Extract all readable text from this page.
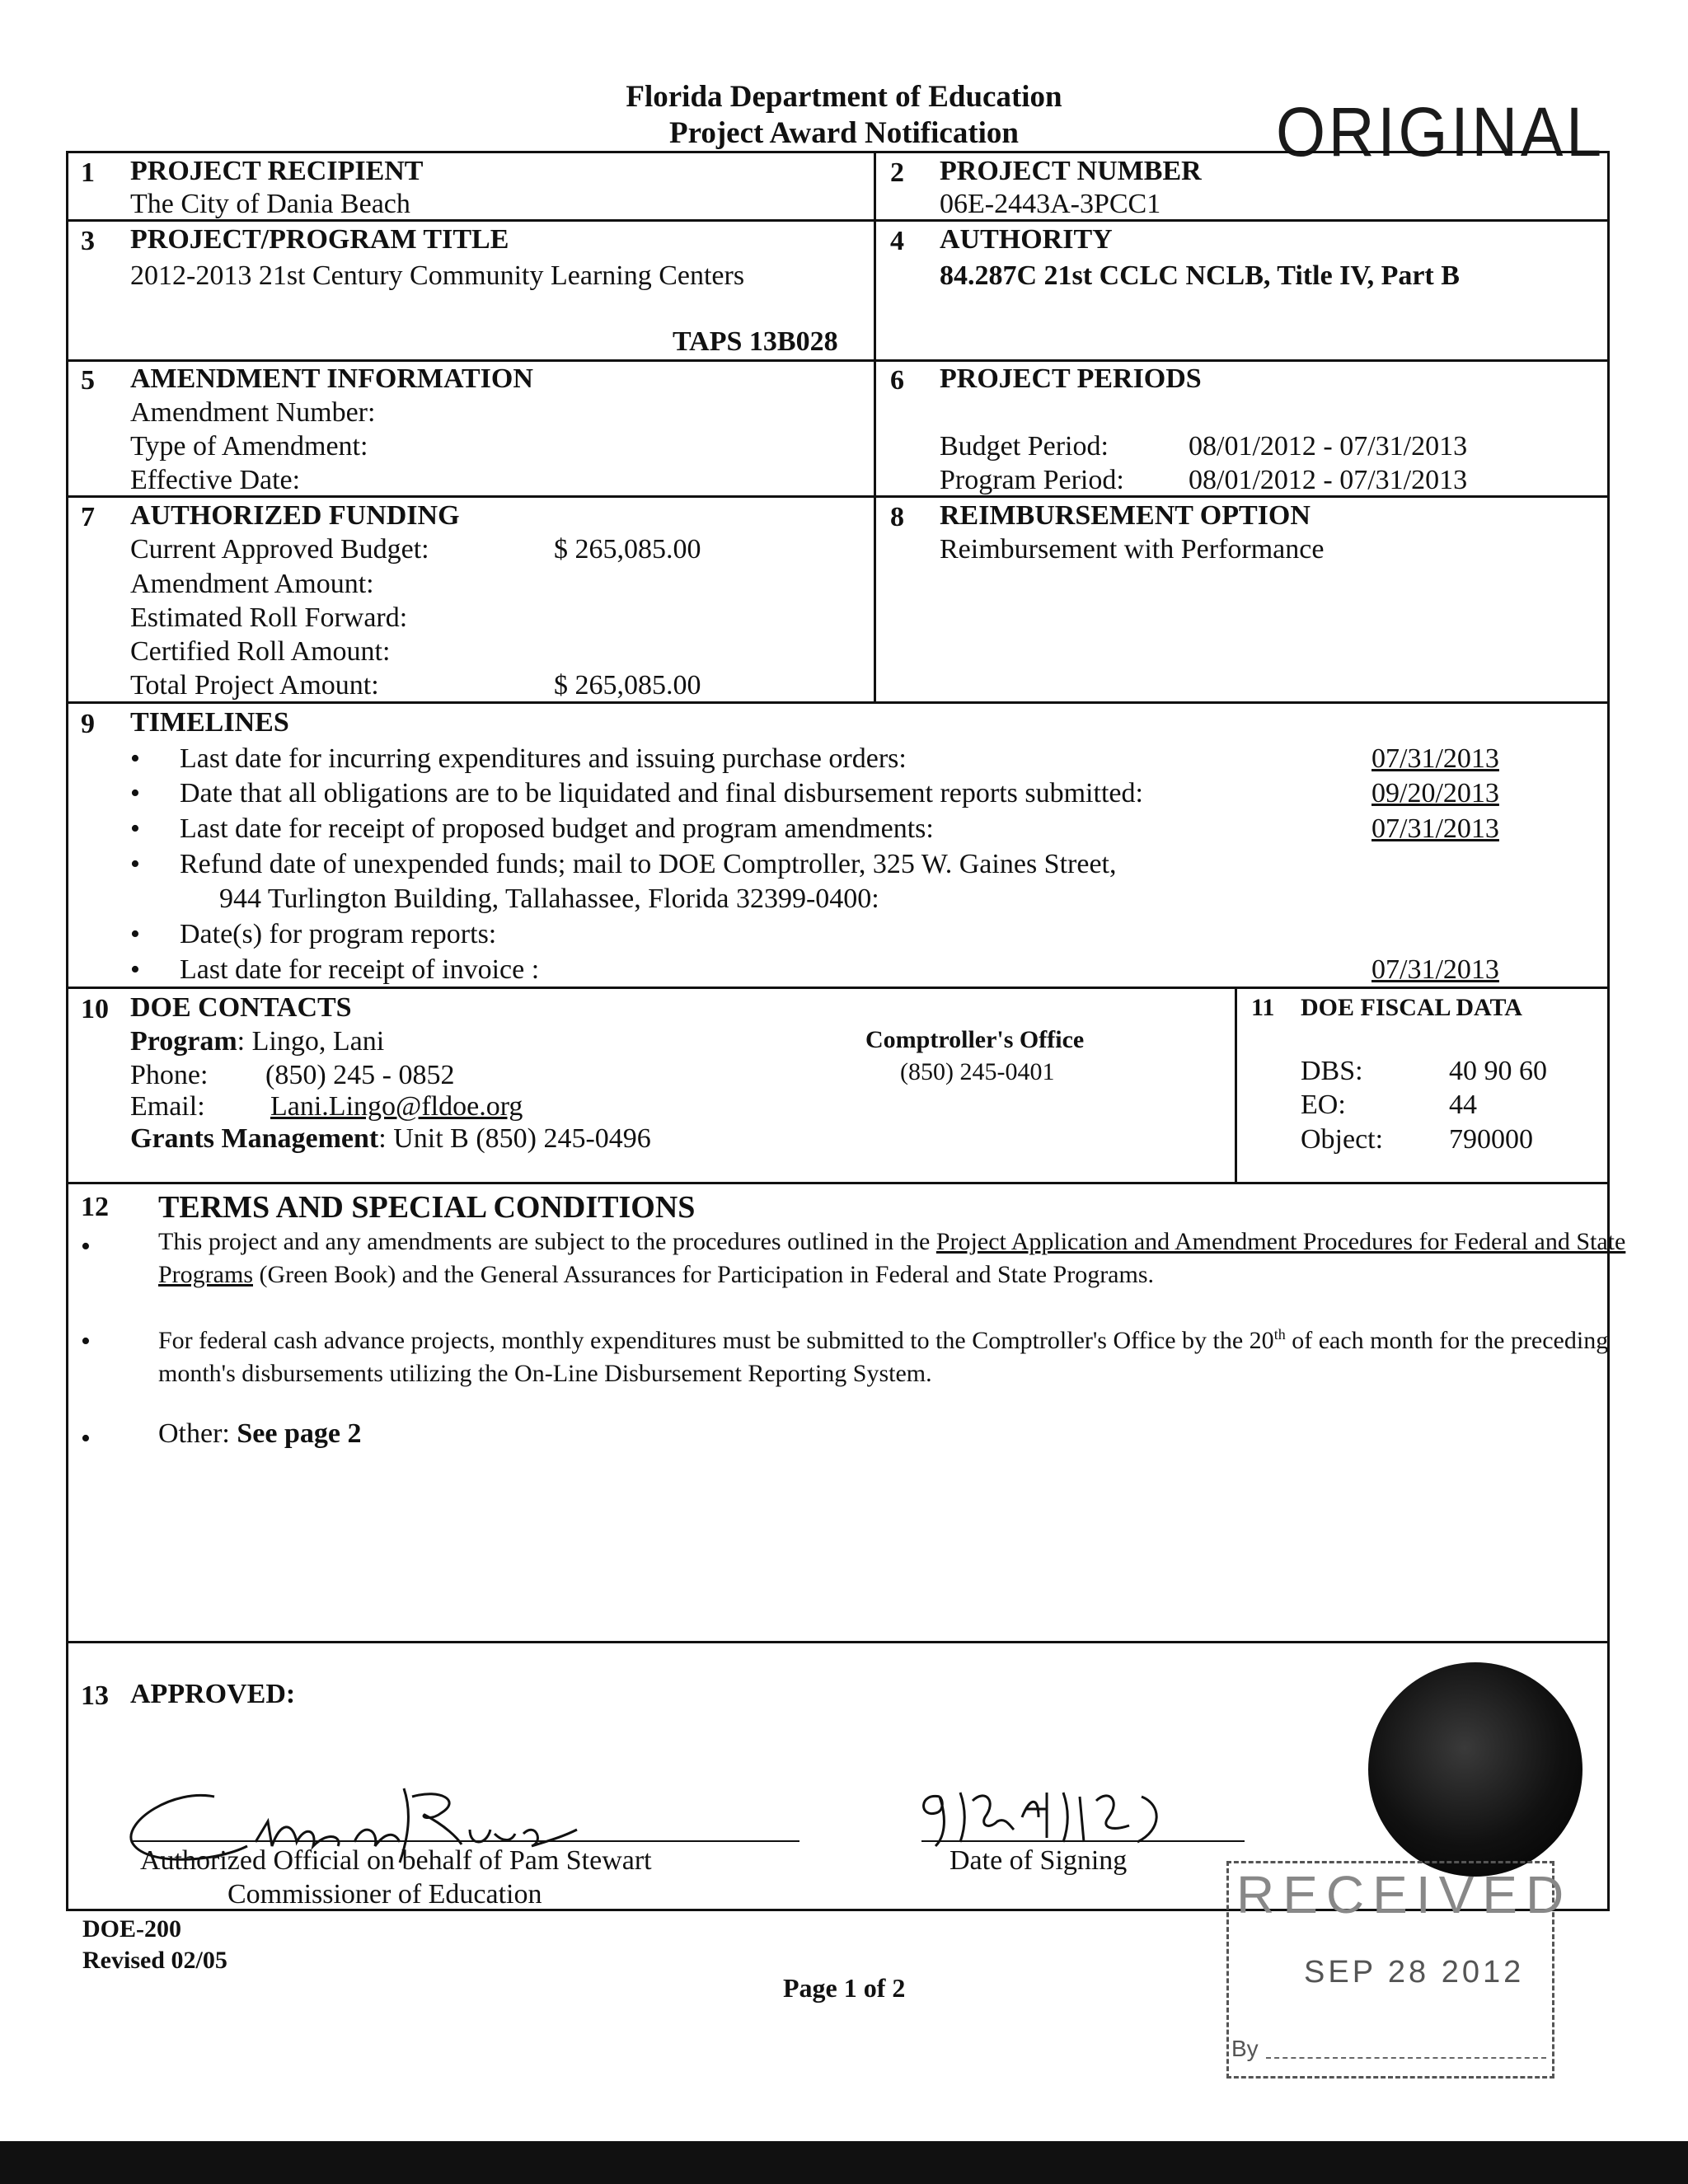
Florida Department of Education
Project Award Notification	ORIGINAL
1 PROJECT RECIPIENT
The City of Dania Beach
2 PROJECT NUMBER
06E-2443A-3PCC1
3 PROJECT/PROGRAM TITLE
2012-2013 21st Century Community Learning Centers
TAPS 13B028
4 AUTHORITY
84.287C 21st CCLC NCLB, Title IV, Part B
5 AMENDMENT INFORMATION
Amendment Number:
Type of Amendment:
Effective Date:
6 PROJECT PERIODS
Budget Period:	08/01/2012 - 07/31/2013
Program Period: 08/01/2012 - 07/31/2013
7 AUTHORIZED FUNDING
Current Approved Budget:	$ 265,085.00
Amendment Amount:
Estimated Roll Forward:
Certified Roll Amount:
Total Project Amount:	$ 265,085.00
8 REIMBURSEMENT OPTION
Reimbursement with Performance
9 TIMELINES
• Last date for incurring expenditures and issuing purchase orders:	07/31/2013
• Date that all obligations are to be liquidated and final disbursement reports submitted:	09/20/2013
• Last date for receipt of proposed budget and program amendments:	07/31/2013
• Refund date of unexpended funds; mail to DOE Comptroller, 325 W. Gaines Street,
944 Turlington Building, Tallahassee, Florida 32399-0400:
• Date(s) for program reports:
• Last date for receipt of invoice :	07/31/2013
10 DOE CONTACTS
Program: Lingo, Lani
Phone: (850) 245 - 0852
Email: Lani.Lingo@fldoe.org
Grants Management: Unit B (850) 245-0496
Comptroller's Office
(850) 245-0401
11 DOE FISCAL DATA
DBS:	40 90 60
EO:	44
Object: 790000
12 TERMS AND SPECIAL CONDITIONS
•	This project and any amendments are subject to the procedures outlined in the Project Application and Amendment Procedures for Federal and State Programs (Green Book) and the General Assurances for Participation in Federal and State Programs.
•	For federal cash advance projects, monthly expenditures must be submitted to the Comptroller's Office by the 20th of each month for the preceding month's disbursements utilizing the On-Line Disbursement Reporting System.
• Other: See page 2
13 APPROVED:
Authorized Official on behalf of Pam Stewart
Commissioner of Education
Date of Signing
RECEIVED
SEP 28 2012
By
DOE-200
Revised 02/05
Page 1 of 2
